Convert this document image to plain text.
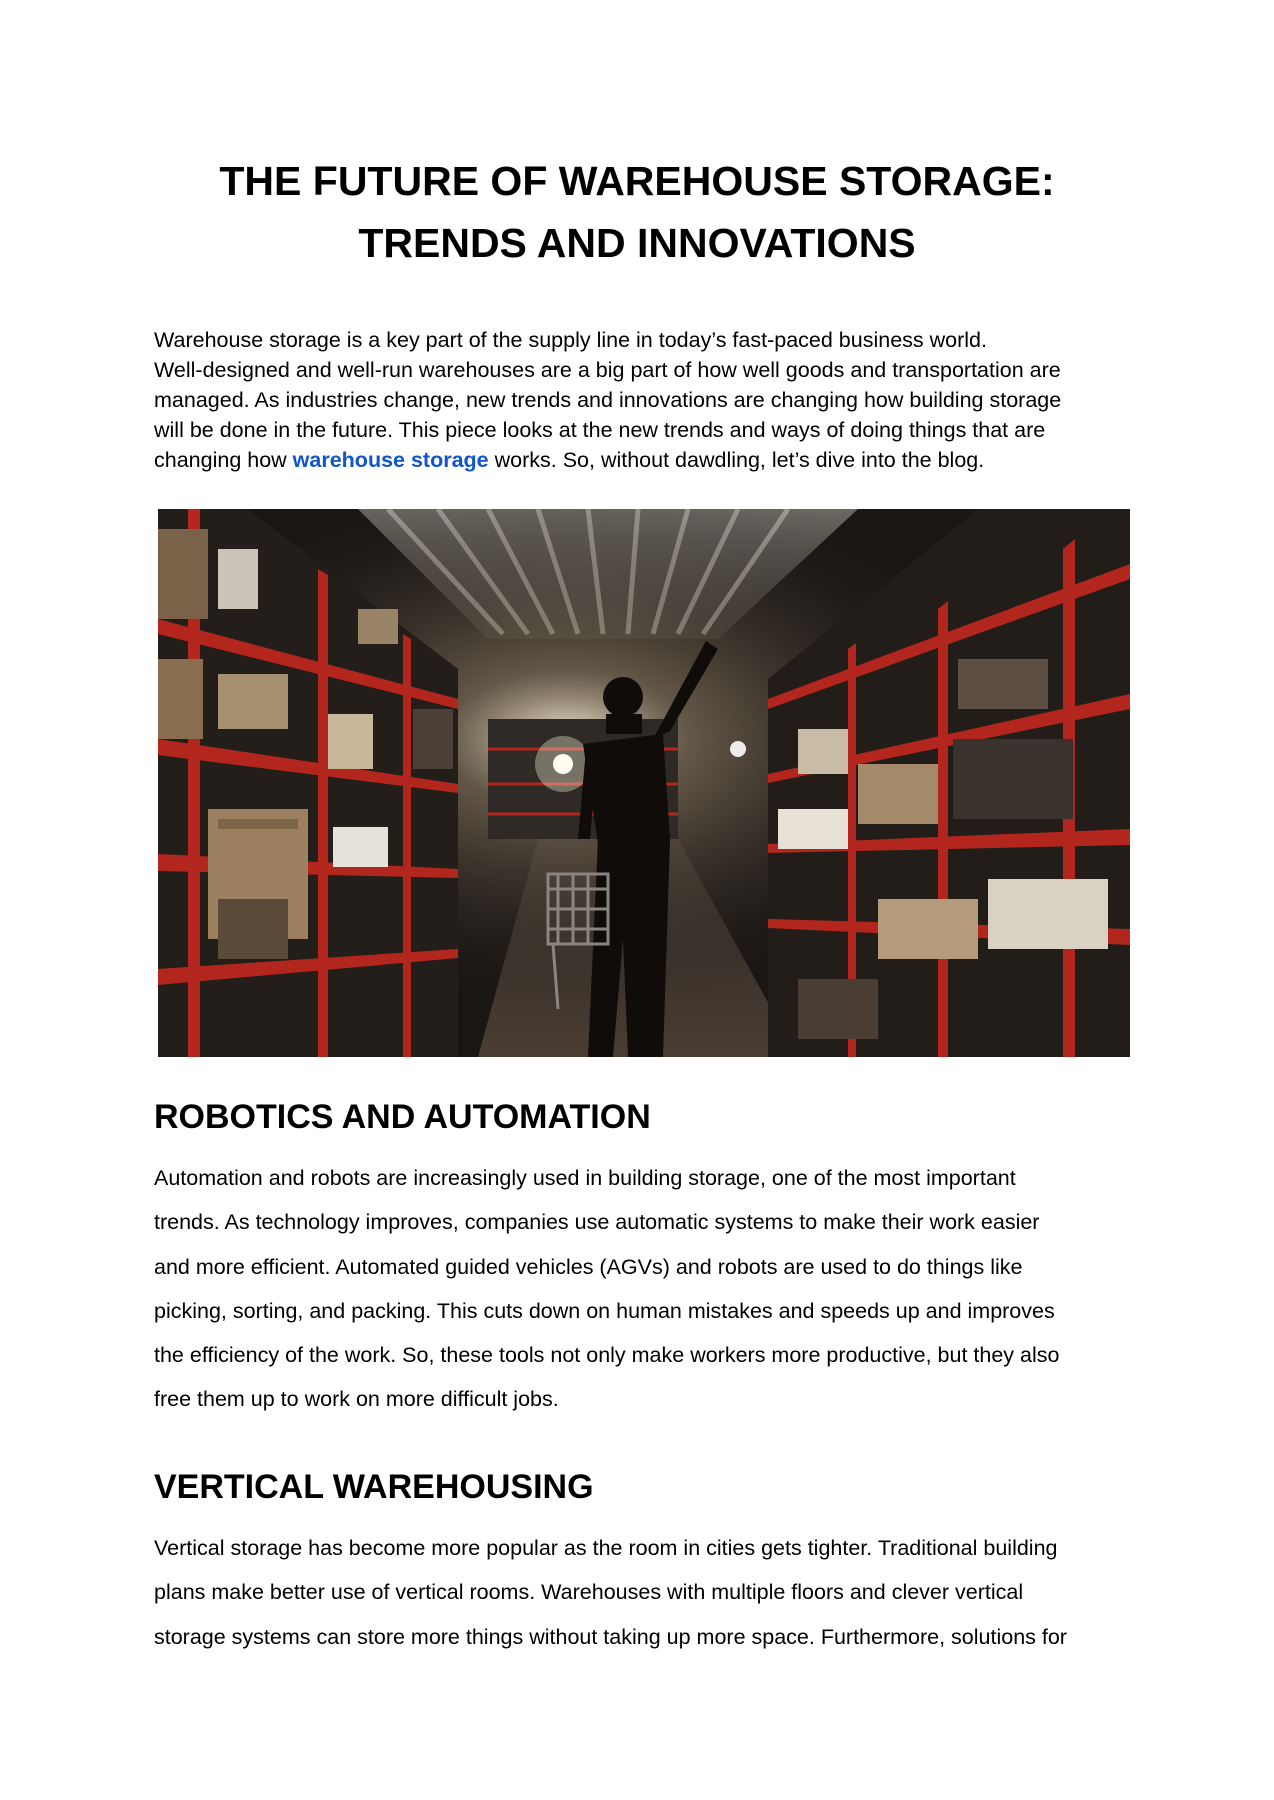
THE FUTURE OF WAREHOUSE STORAGE:
TRENDS AND INNOVATIONS

Warehouse storage is a key part of the supply line in today’s fast-paced business world.
Well-designed and well-run warehouses are a big part of how well goods and transportation are
managed. As industries change, new trends and innovations are changing how building storage
will be done in the future. This piece looks at the new trends and ways of doing things that are
changing how warehouse storage works. So, without dawdling, let’s dive into the blog.

ROBOTICS AND AUTOMATION

Automation and robots are increasingly used in building storage, one of the most important
trends. As technology improves, companies use automatic systems to make their work easier
and more efficient. Automated guided vehicles (AGVs) and robots are used to do things like
picking, sorting, and packing. This cuts down on human mistakes and speeds up and improves
the efficiency of the work. So, these tools not only make workers more productive, but they also
free them up to work on more difficult jobs.

VERTICAL WAREHOUSING

Vertical storage has become more popular as the room in cities gets tighter. Traditional building
plans make better use of vertical rooms. Warehouses with multiple floors and clever vertical
storage systems can store more things without taking up more space. Furthermore, solutions for
